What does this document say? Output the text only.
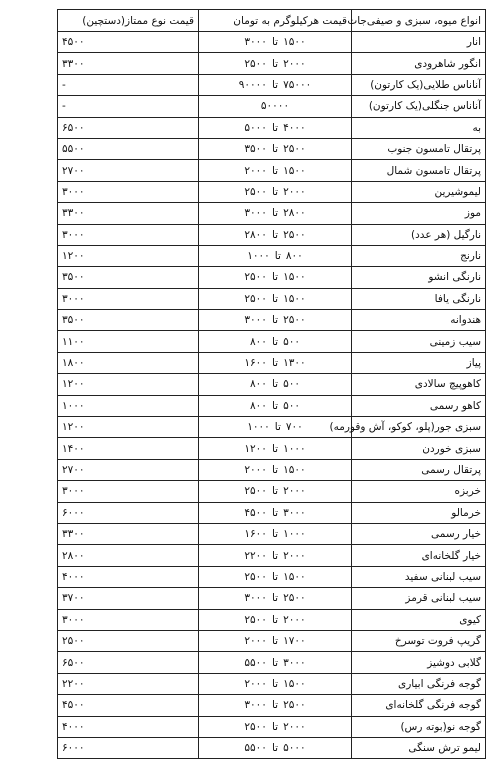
انواع میوه، سبزی و صیفی‌جات	قیمت هرکیلوگرم به تومان	قیمت نوع ممتاز(دستچین)
انار	۱۵۰۰تا۳۰۰۰	۴۵۰۰
انگور شاهرودی	۲۰۰۰تا۲۵۰۰	۳۳۰۰
آناناس طلایی(یک کارتون)	۷۵۰۰۰تا۹۰۰۰۰	-
آناناس جنگلی(یک کارتون)	۵۰۰۰۰	-
به	۴۰۰۰تا۵۰۰۰	۶۵۰۰
پرتقال تامسون جنوب	۲۵۰۰تا۳۵۰۰	۵۵۰۰
پرتقال تامسون شمال	۱۵۰۰تا۲۰۰۰	۲۷۰۰
لیموشیرین	۲۰۰۰تا۲۵۰۰	۳۰۰۰
موز	۲۸۰۰تا۳۰۰۰	۳۳۰۰
نارگیل (هر عدد)	۲۵۰۰تا۲۸۰۰	۳۰۰۰
نارنج	۸۰۰تا۱۰۰۰	۱۲۰۰
نارنگی انشو	۱۵۰۰تا۲۵۰۰	۳۵۰۰
نارنگی یافا	۱۵۰۰تا۲۵۰۰	۳۰۰۰
هندوانه	۲۵۰۰تا۳۰۰۰	۳۵۰۰
سیب زمینی	۵۰۰تا۸۰۰	۱۱۰۰
پیاز	۱۳۰۰تا۱۶۰۰	۱۸۰۰
کاهوپیچ سالادی	۵۰۰تا۸۰۰	۱۲۰۰
کاهو رسمی	۵۰۰تا۸۰۰	۱۰۰۰
سبزی جور(پلو، کوکو، آش وقورمه)	۷۰۰تا۱۰۰۰	۱۲۰۰
سبزی خوردن	۱۰۰۰تا۱۲۰۰	۱۴۰۰
پرتقال رسمی	۱۵۰۰تا۲۰۰۰	۲۷۰۰
خربزه	۲۰۰۰تا۲۵۰۰	۳۰۰۰
خرمالو	۳۰۰۰تا۴۵۰۰	۶۰۰۰
خیار رسمی	۱۰۰۰تا۱۶۰۰	۳۳۰۰
خیار گلخانه‌ای	۲۰۰۰تا۲۲۰۰	۲۸۰۰
سیب لبنانی سفید	۱۵۰۰تا۲۵۰۰	۴۰۰۰
سیب لبنانی قرمز	۲۵۰۰تا۳۰۰۰	۳۷۰۰
کیوی	۲۰۰۰تا۲۵۰۰	۳۰۰۰
گریپ فروت توسرخ	۱۷۰۰تا۲۰۰۰	۲۵۰۰
گلابی دوشیز	۳۰۰۰تا۵۵۰۰	۶۵۰۰
گوجه فرنگی ابیاری	۱۵۰۰تا۲۰۰۰	۲۲۰۰
گوجه فرنگی گلخانه‌ای	۲۵۰۰تا۳۰۰۰	۴۵۰۰
گوجه نو(بوته رس)	۲۰۰۰تا۲۵۰۰	۴۰۰۰
لیمو ترش سنگی	۵۰۰۰تا۵۵۰۰	۶۰۰۰
